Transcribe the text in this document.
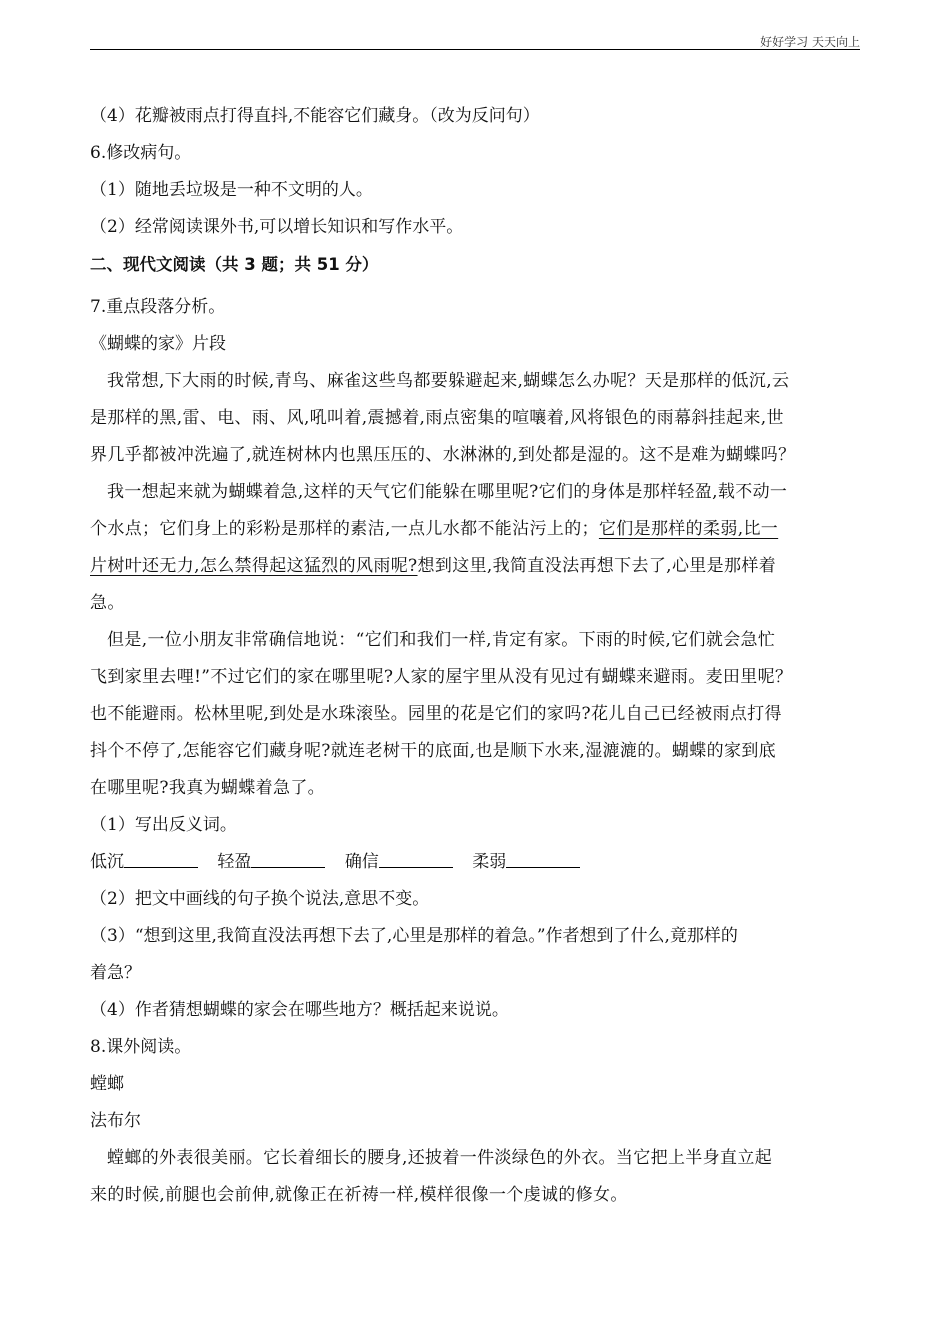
好好学习 天天向上
（4）花瓣被雨点打得直抖,不能容它们藏身。（改为反问句）
6.修改病句。
（1）随地丢垃圾是一种不文明的人。
（2）经常阅读课外书,可以增长知识和写作水平。
二、现代文阅读（共 3 题；共 51 分）
7.重点段落分析。
《蝴蝶的家》片段
我常想,下大雨的时候,青鸟、麻雀这些鸟都要躲避起来,蝴蝶怎么办呢？天是那样的低沉,云
是那样的黑,雷、电、雨、风,吼叫着,震撼着,雨点密集的喧嚷着,风将银色的雨幕斜挂起来,世
界几乎都被冲洗遍了,就连树林内也黑压压的、水淋淋的,到处都是湿的。这不是难为蝴蝶吗？
我一想起来就为蝴蝶着急,这样的天气它们能躲在哪里呢?它们的身体是那样轻盈,载不动一
个水点；它们身上的彩粉是那样的素洁,一点儿水都不能沾污上的；它们是那样的柔弱,比一
片树叶还无力,怎么禁得起这猛烈的风雨呢?想到这里,我简直没法再想下去了,心里是那样着
急。
但是,一位小朋友非常确信地说：“它们和我们一样,肯定有家。下雨的时候,它们就会急忙
飞到家里去哩!”不过它们的家在哪里呢?人家的屋宇里从没有见过有蝴蝶来避雨。麦田里呢？
也不能避雨。松林里呢,到处是水珠滚坠。园里的花是它们的家吗?花儿自己已经被雨点打得
抖个不停了,怎能容它们藏身呢?就连老树干的底面,也是顺下水来,湿漉漉的。蝴蝶的家到底
在哪里呢?我真为蝴蝶着急了。
（1）写出反义词。
低沉	轻盈	确信	柔弱
（2）把文中画线的句子换个说法,意思不变。
（3）“想到这里,我简直没法再想下去了,心里是那样的着急。”作者想到了什么,竟那样的
着急？
（4）作者猜想蝴蝶的家会在哪些地方？概括起来说说。
8.课外阅读。
螳螂
法布尔
螳螂的外表很美丽。它长着细长的腰身,还披着一件淡绿色的外衣。当它把上半身直立起
来的时候,前腿也会前伸,就像正在祈祷一样,模样很像一个虔诚的修女。
